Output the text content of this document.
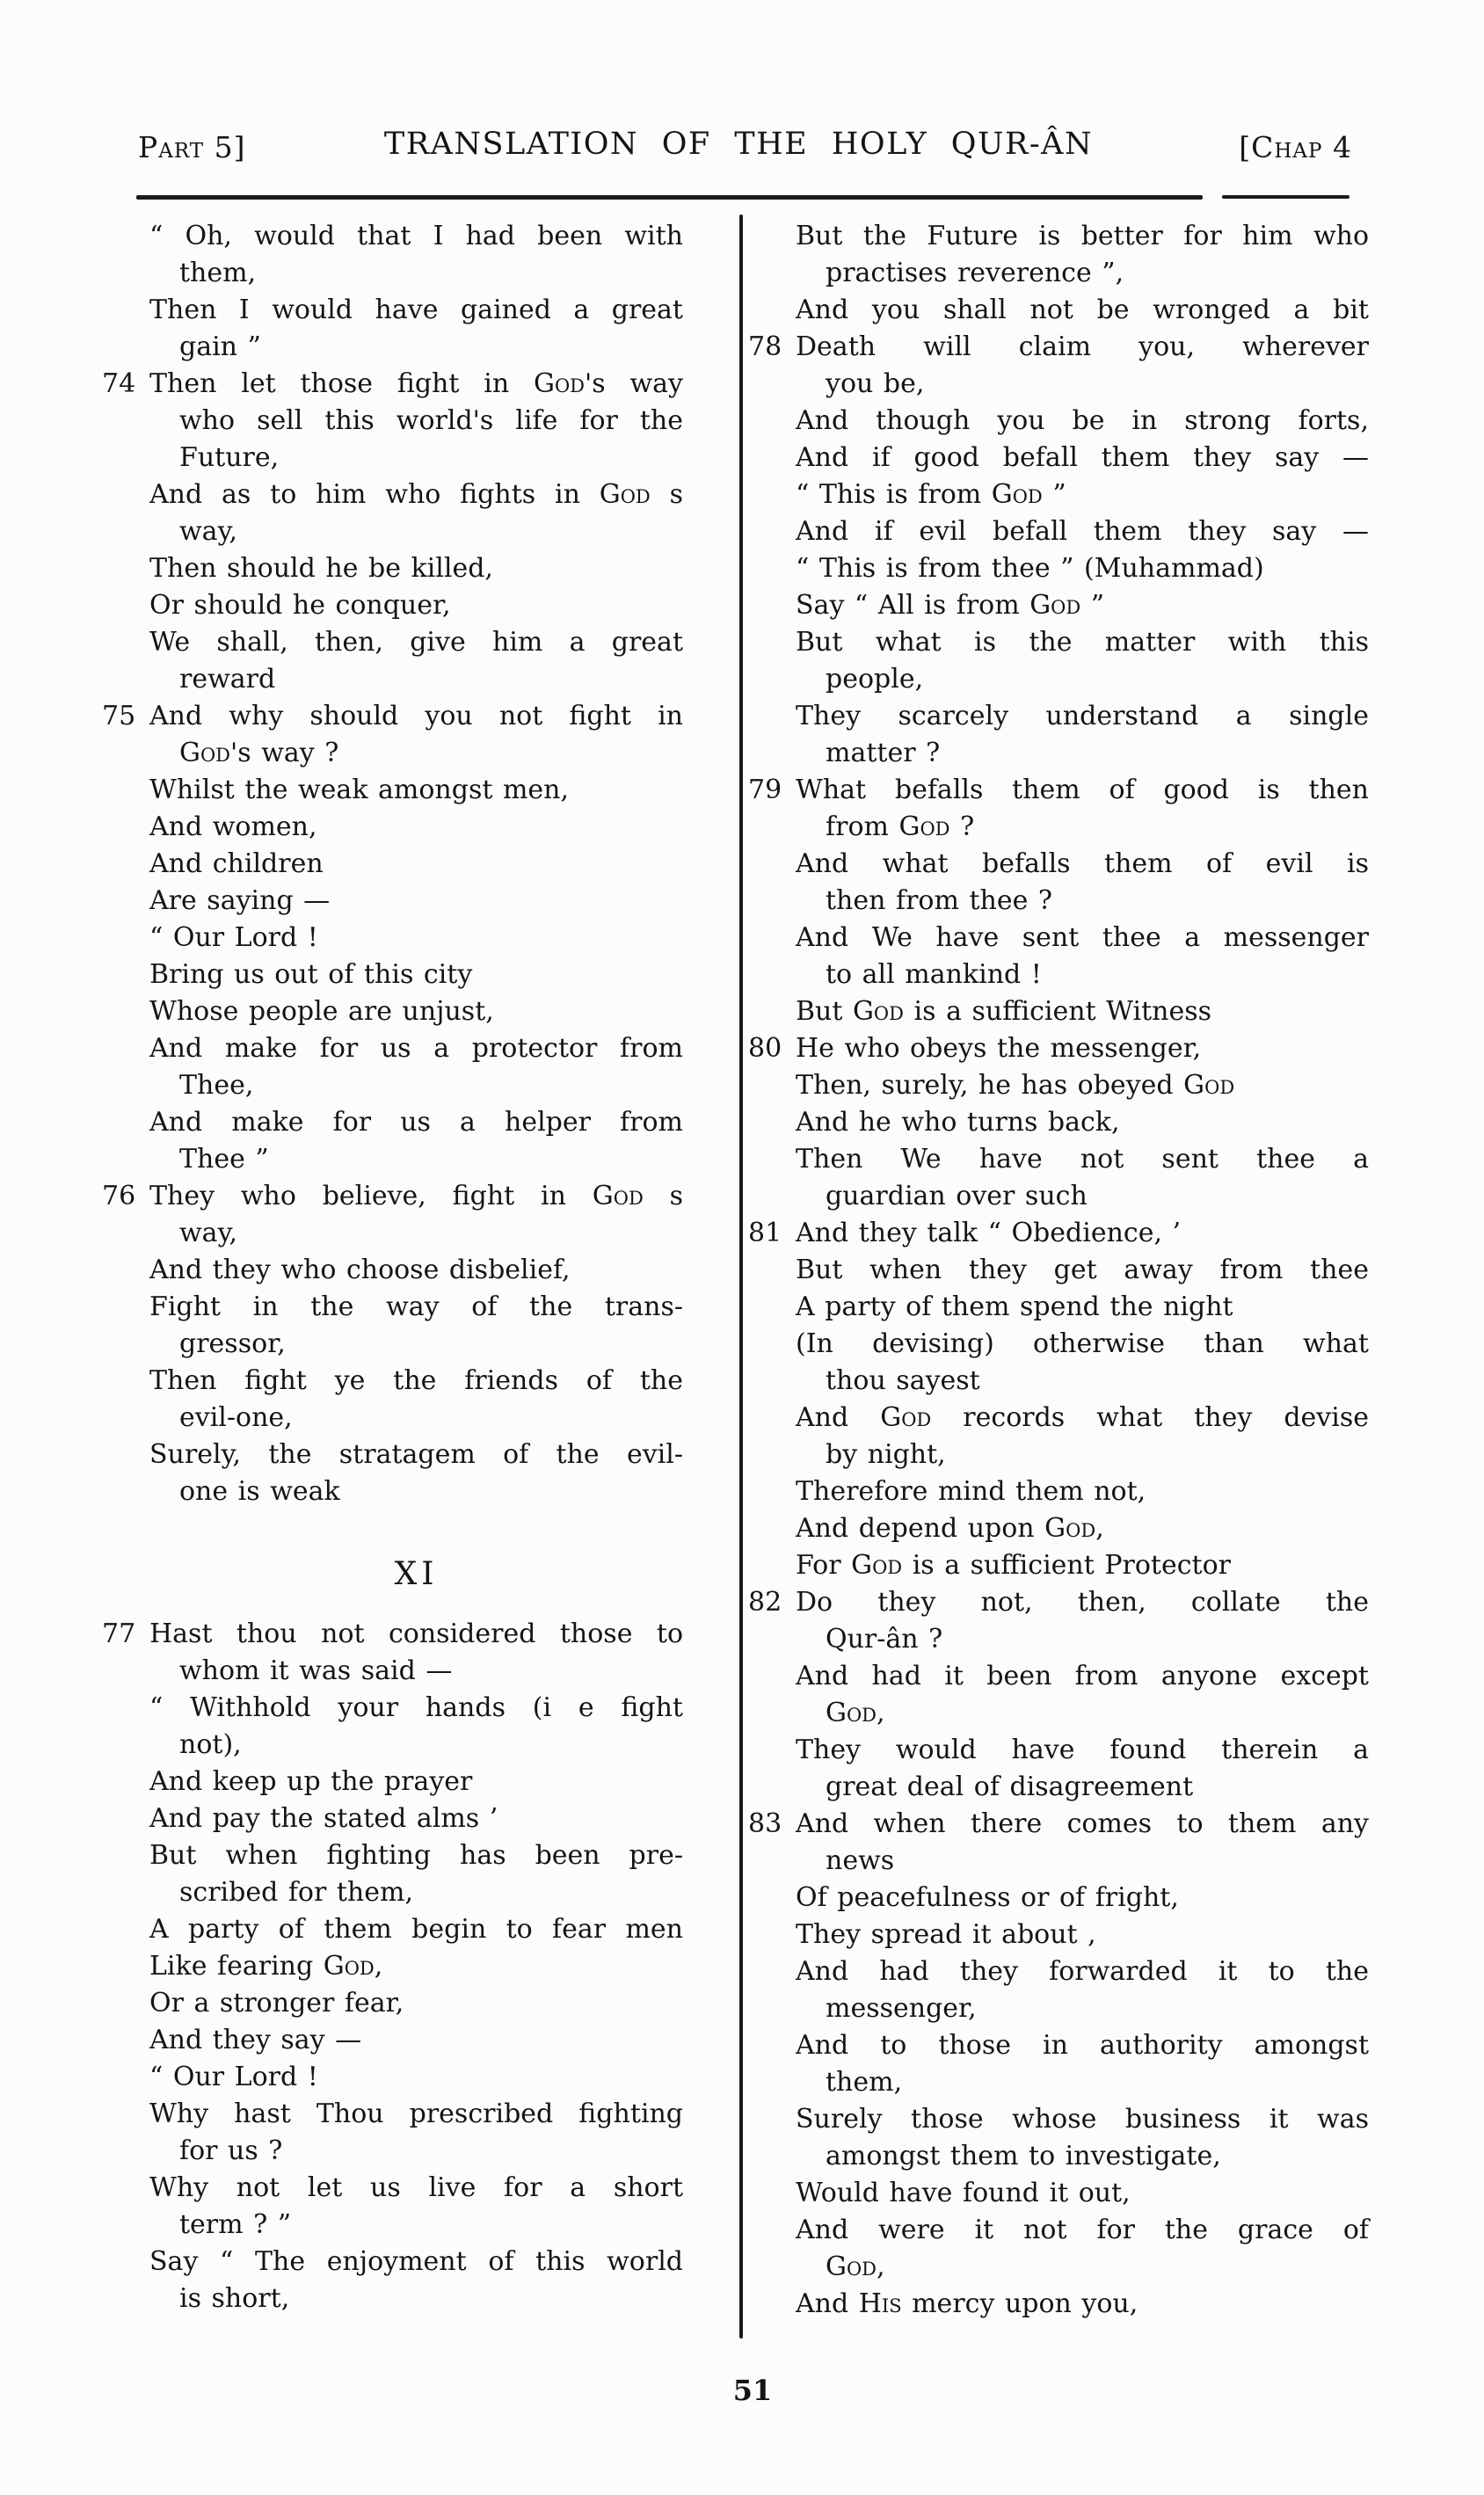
Part 5]	TRANSLATION OF THE HOLY QUR-ÂN	[Chap 4
“ Oh, would that I had been with
them,
Then I would have gained a great
gain ”
74 Then let those fight in God's way
who sell this world's life for the
Future,
And as to him who fights in God s
way,
Then should he be killed,
Or should he conquer,
We shall, then, give him a great
reward
75 And why should you not fight in
God's way ?
Whilst the weak amongst men,
And women,
And children
Are saying —
“ Our Lord !
Bring us out of this city
Whose people are unjust,
And make for us a protector from
Thee,
And make for us a helper from
Thee ”
76 They who believe, fight in God s
way,
And they who choose disbelief,
Fight in the way of the trans-
gressor,
Then fight ye the friends of the
evil-one,
Surely, the stratagem of the evil-
one is weak
XI
77 Hast thou not considered those to
whom it was said —
“ Withhold your hands (i e fight
not),
And keep up the prayer
And pay the stated alms ’
But when fighting has been pre-
scribed for them,
A party of them begin to fear men
Like fearing God,
Or a stronger fear,
And they say —
“ Our Lord !
Why hast Thou prescribed fighting
for us ?
Why not let us live for a short
term ? ”
Say “ The enjoyment of this world
is short,
But the Future is better for him who
practises reverence ”,
And you shall not be wronged a bit
78 Death will claim you, wherever
you be,
And though you be in strong forts,
And if good befall them they say —
“ This is from God ”
And if evil befall them they say —
“ This is from thee ” (Muhammad)
Say “ All is from God ”
But what is the matter with this
people,
They scarcely understand a single
matter ?
79 What befalls them of good is then
from God ?
And what befalls them of evil is
then from thee ?
And We have sent thee a messenger
to all mankind !
But God is a sufficient Witness
80 He who obeys the messenger,
Then, surely, he has obeyed God
And he who turns back,
Then We have not sent thee a
guardian over such
81 And they talk “ Obedience, ’
But when they get away from thee
A party of them spend the night
(In devising) otherwise than what
thou sayest
And God records what they devise
by night,
Therefore mind them not,
And depend upon God,
For God is a sufficient Protector
82 Do they not, then, collate the
Qur-ân ?
And had it been from anyone except
God,
They would have found therein a
great deal of disagreement
83 And when there comes to them any
news
Of peacefulness or of fright,
They spread it about ,
And had they forwarded it to the
messenger,
And to those in authority amongst
them,
Surely those whose business it was
amongst them to investigate,
Would have found it out,
And were it not for the grace of
God,
And His mercy upon you,
51
